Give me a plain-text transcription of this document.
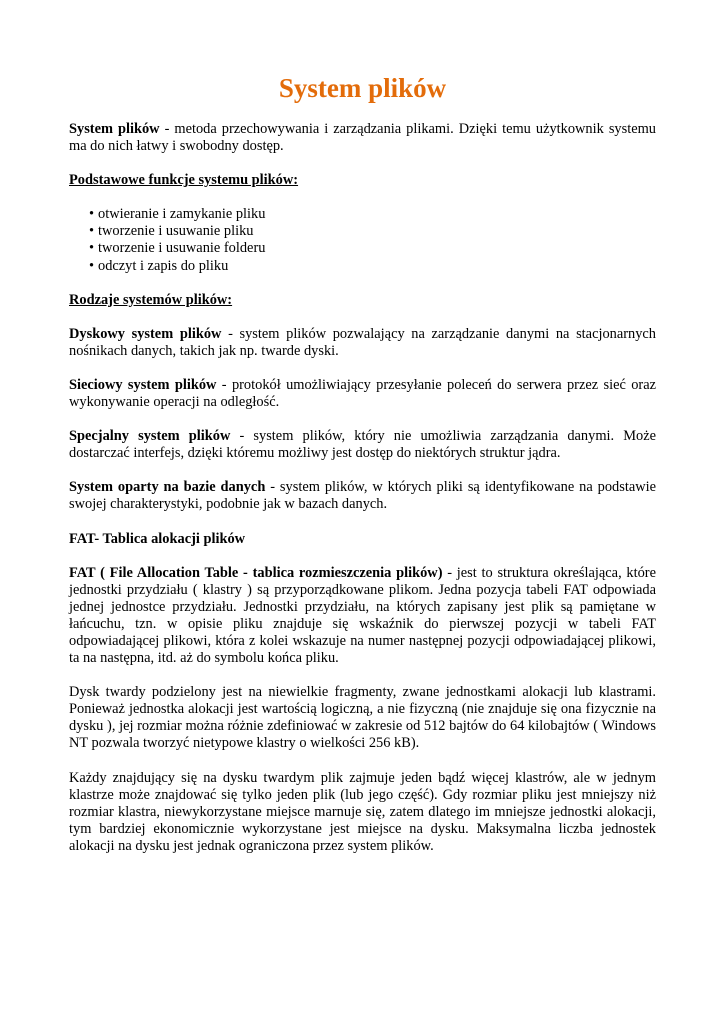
System plików

System plików - metoda przechowywania i zarządzania plikami. Dzięki temu użytkownik systemu ma do nich łatwy i swobodny dostęp.

Podstawowe funkcje systemu plików:

• otwieranie i zamykanie pliku
• tworzenie i usuwanie pliku
• tworzenie i usuwanie folderu
• odczyt i zapis do pliku

Rodzaje systemów plików:

Dyskowy system plików - system plików pozwalający na zarządzanie danymi na stacjonarnych nośnikach danych, takich jak np. twarde dyski.

Sieciowy system plików - protokół umożliwiający przesyłanie poleceń do serwera przez sieć oraz wykonywanie operacji na odległość.

Specjalny system plików - system plików, który nie umożliwia zarządzania danymi. Może dostarczać interfejs, dzięki któremu możliwy jest dostęp do niektórych struktur jądra.

System oparty na bazie danych - system plików, w których pliki są identyfikowane na podstawie swojej charakterystyki, podobnie jak w bazach danych.

FAT- Tablica alokacji plików

FAT ( File Allocation Table - tablica rozmieszczenia plików) - jest to struktura określająca, które jednostki przydziału ( klastry ) są przyporządkowane plikom. Jedna pozycja tabeli FAT odpowiada jednej jednostce przydziału. Jednostki przydziału, na których zapisany jest plik są pamiętane w łańcuchu, tzn. w opisie pliku znajduje się wskaźnik do pierwszej pozycji w tabeli FAT odpowiadającej plikowi, która z kolei wskazuje na numer następnej pozycji odpowiadającej plikowi, ta na następna, itd. aż do symbolu końca pliku.

Dysk twardy podzielony jest na niewielkie fragmenty, zwane jednostkami alokacji lub klastrami. Ponieważ jednostka alokacji jest wartością logiczną, a nie fizyczną (nie znajduje się ona fizycznie na dysku ), jej rozmiar można różnie zdefiniować w zakresie od 512 bajtów do 64 kilobajtów ( Windows NT pozwala tworzyć nietypowe klastry o wielkości 256 kB).

Każdy znajdujący się na dysku twardym plik zajmuje jeden bądź więcej klastrów, ale w jednym klastrze może znajdować się tylko jeden plik (lub jego część). Gdy rozmiar pliku jest mniejszy niż rozmiar klastra, niewykorzystane miejsce marnuje się, zatem dlatego im mniejsze jednostki alokacji, tym bardziej ekonomicznie wykorzystane jest miejsce na dysku. Maksymalna liczba jednostek alokacji na dysku jest jednak ograniczona przez system plików.
